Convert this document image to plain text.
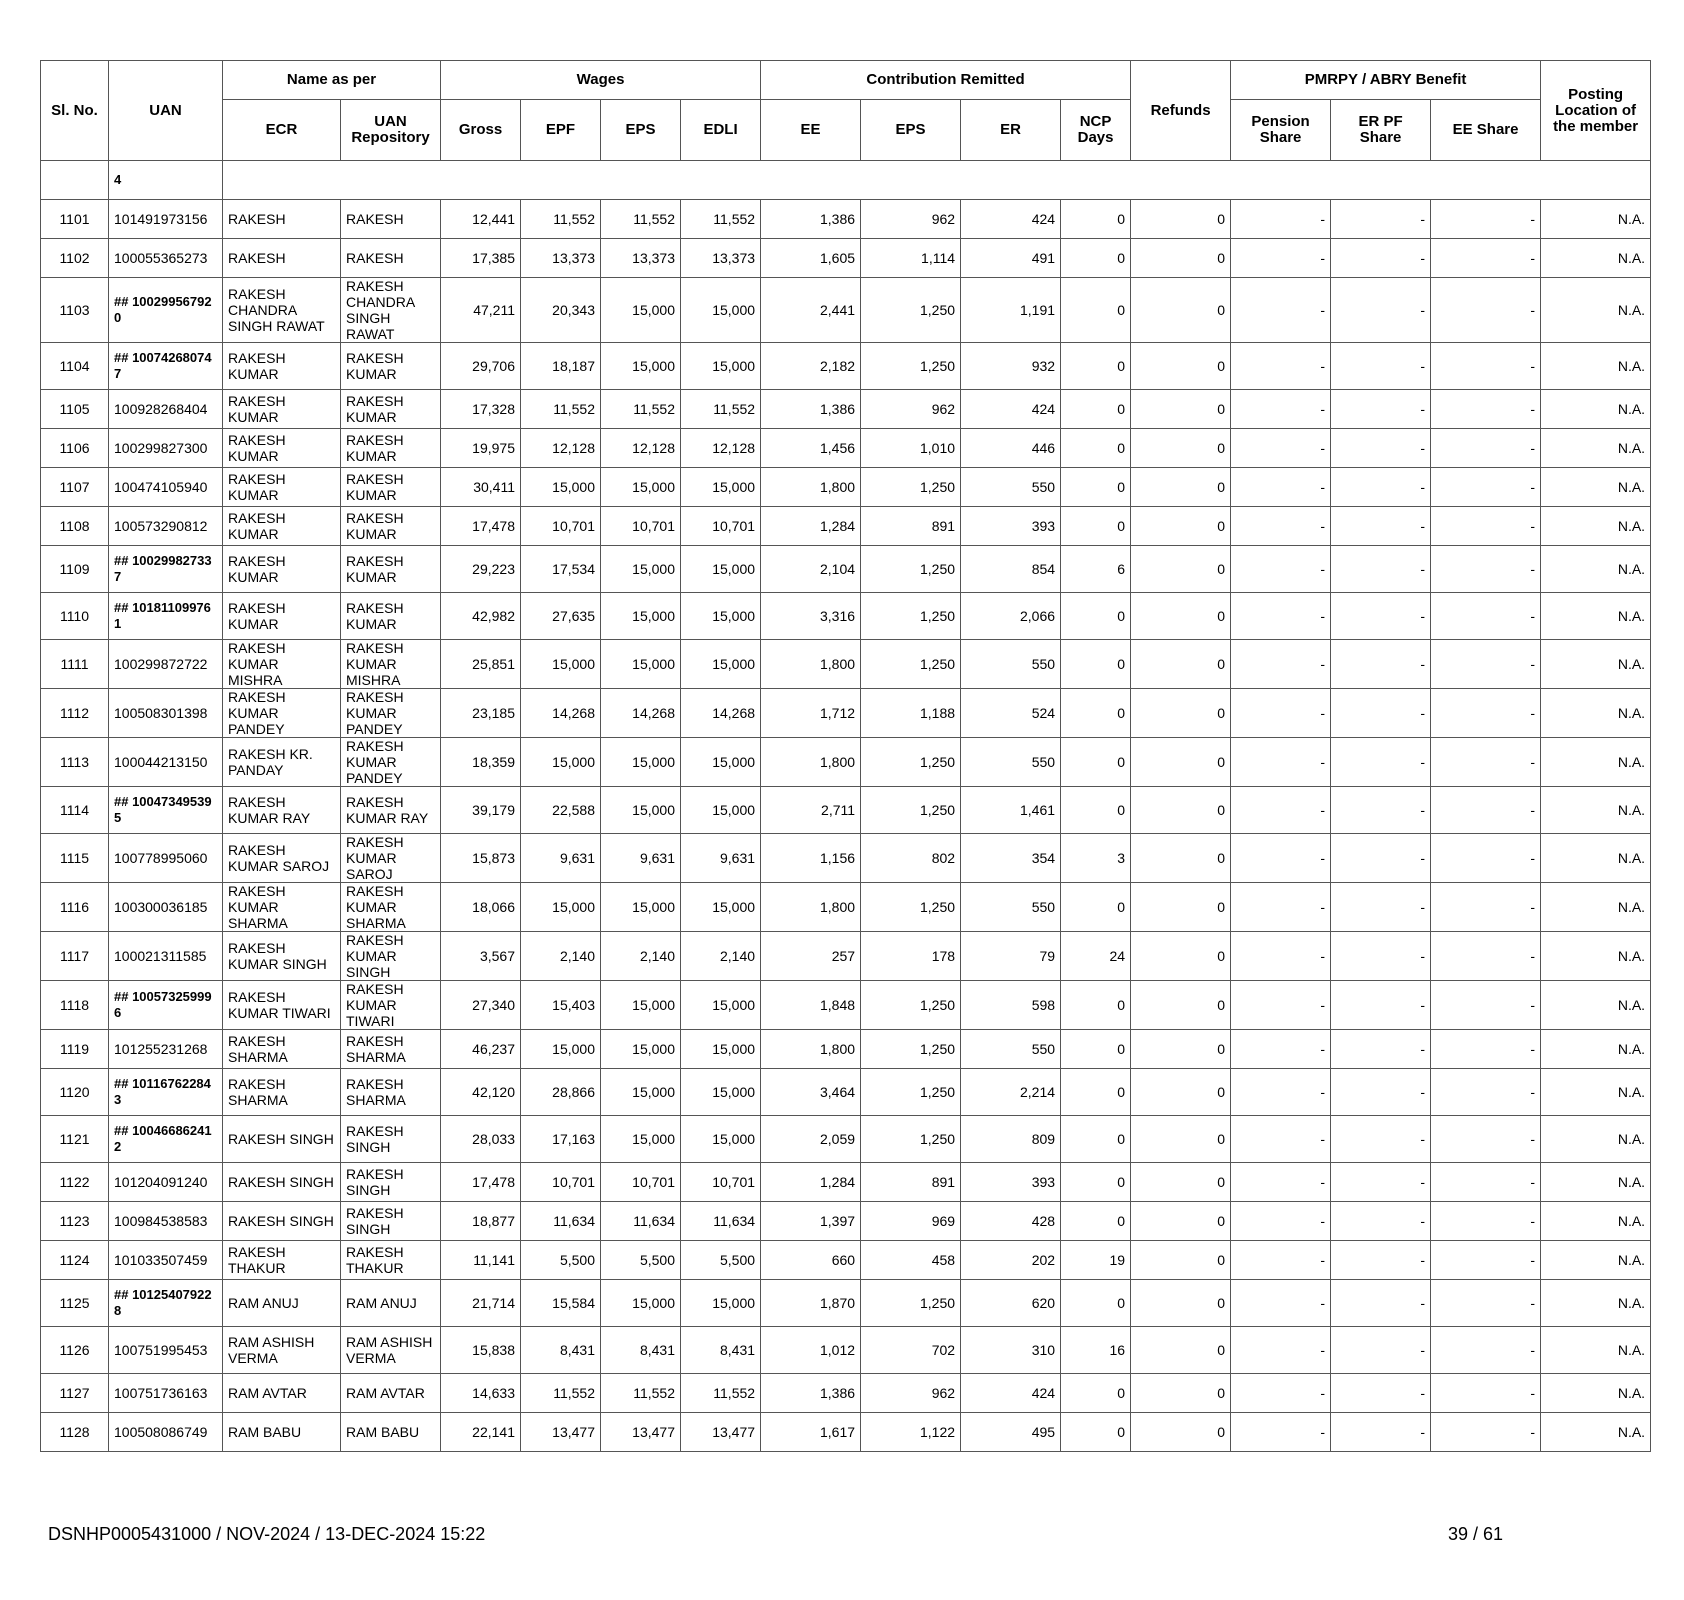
Sl. No.	UAN	Name as per		Wages				Contribution Remitted				Refunds	PMRPY / ABRY Benefit			Posting Location of the member
		ECR	UAN Repository	Gross	EPF	EPS	EDLI	EE	EPS	ER	NCP Days		Pension Share	ER PF Share	EE Share	
	4															
1101	101491973156	RAKESH	RAKESH	12,441	11,552	11,552	11,552	1,386	962	424	0	0	-	-	-	N.A.
1102	100055365273	RAKESH	RAKESH	17,385	13,373	13,373	13,373	1,605	1,114	491	0	0	-	-	-	N.A.
1103	## 10029956792 0	RAKESH CHANDRA SINGH RAWAT	RAKESH CHANDRA SINGH RAWAT	47,211	20,343	15,000	15,000	2,441	1,250	1,191	0	0	-	-	-	N.A.
1104	## 10074268074 7	RAKESH KUMAR	RAKESH KUMAR	29,706	18,187	15,000	15,000	2,182	1,250	932	0	0	-	-	-	N.A.
1105	100928268404	RAKESH KUMAR	RAKESH KUMAR	17,328	11,552	11,552	11,552	1,386	962	424	0	0	-	-	-	N.A.
1106	100299827300	RAKESH KUMAR	RAKESH KUMAR	19,975	12,128	12,128	12,128	1,456	1,010	446	0	0	-	-	-	N.A.
1107	100474105940	RAKESH KUMAR	RAKESH KUMAR	30,411	15,000	15,000	15,000	1,800	1,250	550	0	0	-	-	-	N.A.
1108	100573290812	RAKESH KUMAR	RAKESH KUMAR	17,478	10,701	10,701	10,701	1,284	891	393	0	0	-	-	-	N.A.
1109	## 10029982733 7	RAKESH KUMAR	RAKESH KUMAR	29,223	17,534	15,000	15,000	2,104	1,250	854	6	0	-	-	-	N.A.
1110	## 10181109976 1	RAKESH KUMAR	RAKESH KUMAR	42,982	27,635	15,000	15,000	3,316	1,250	2,066	0	0	-	-	-	N.A.
1111	100299872722	RAKESH KUMAR MISHRA	RAKESH KUMAR MISHRA	25,851	15,000	15,000	15,000	1,800	1,250	550	0	0	-	-	-	N.A.
1112	100508301398	RAKESH KUMAR PANDEY	RAKESH KUMAR PANDEY	23,185	14,268	14,268	14,268	1,712	1,188	524	0	0	-	-	-	N.A.
1113	100044213150	RAKESH KR. PANDAY	RAKESH KUMAR PANDEY	18,359	15,000	15,000	15,000	1,800	1,250	550	0	0	-	-	-	N.A.
1114	## 10047349539 5	RAKESH KUMAR RAY	RAKESH KUMAR RAY	39,179	22,588	15,000	15,000	2,711	1,250	1,461	0	0	-	-	-	N.A.
1115	100778995060	RAKESH KUMAR SAROJ	RAKESH KUMAR SAROJ	15,873	9,631	9,631	9,631	1,156	802	354	3	0	-	-	-	N.A.
1116	100300036185	RAKESH KUMAR SHARMA	RAKESH KUMAR SHARMA	18,066	15,000	15,000	15,000	1,800	1,250	550	0	0	-	-	-	N.A.
1117	100021311585	RAKESH KUMAR SINGH	RAKESH KUMAR SINGH	3,567	2,140	2,140	2,140	257	178	79	24	0	-	-	-	N.A.
1118	## 10057325999 6	RAKESH KUMAR TIWARI	RAKESH KUMAR TIWARI	27,340	15,403	15,000	15,000	1,848	1,250	598	0	0	-	-	-	N.A.
1119	101255231268	RAKESH SHARMA	RAKESH SHARMA	46,237	15,000	15,000	15,000	1,800	1,250	550	0	0	-	-	-	N.A.
1120	## 10116762284 3	RAKESH SHARMA	RAKESH SHARMA	42,120	28,866	15,000	15,000	3,464	1,250	2,214	0	0	-	-	-	N.A.
1121	## 10046686241 2	RAKESH SINGH	RAKESH SINGH	28,033	17,163	15,000	15,000	2,059	1,250	809	0	0	-	-	-	N.A.
1122	101204091240	RAKESH SINGH	RAKESH SINGH	17,478	10,701	10,701	10,701	1,284	891	393	0	0	-	-	-	N.A.
1123	100984538583	RAKESH SINGH	RAKESH SINGH	18,877	11,634	11,634	11,634	1,397	969	428	0	0	-	-	-	N.A.
1124	101033507459	RAKESH THAKUR	RAKESH THAKUR	11,141	5,500	5,500	5,500	660	458	202	19	0	-	-	-	N.A.
1125	## 10125407922 8	RAM ANUJ	RAM ANUJ	21,714	15,584	15,000	15,000	1,870	1,250	620	0	0	-	-	-	N.A.
1126	100751995453	RAM ASHISH VERMA	RAM ASHISH VERMA	15,838	8,431	8,431	8,431	1,012	702	310	16	0	-	-	-	N.A.
1127	100751736163	RAM AVTAR	RAM AVTAR	14,633	11,552	11,552	11,552	1,386	962	424	0	0	-	-	-	N.A.
1128	100508086749	RAM BABU	RAM BABU	22,141	13,477	13,477	13,477	1,617	1,122	495	0	0	-	-	-	N.A.
DSNHP0005431000 / NOV-2024 / 13-DEC-2024 15:22	39 / 61
